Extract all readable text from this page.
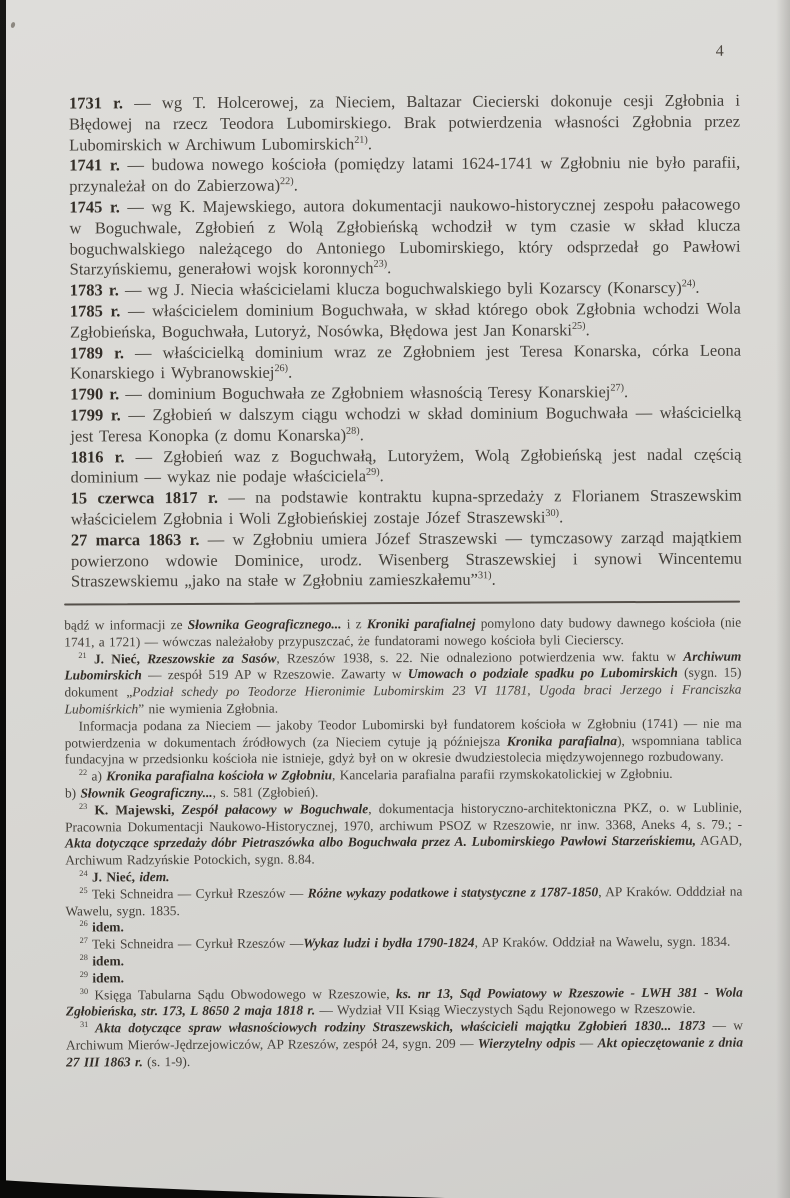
4

1731 r. — wg T. Holcerowej, za Nieciem, Baltazar Ciecierski dokonuje cesji Zgłobnia i Błędowej na rzecz Teodora Lubomirskiego. Brak potwierdzenia własności Zgłobnia przez Lubomirskich w Archiwum Lubomirskich$^{21)}$.

1741 r. — budowa nowego kościoła (pomiędzy latami 1624-1741 w Zgłobniu nie było parafii, przynależał on do Zabierzowa)$^{22)}$.

1745 r. — wg K. Majewskiego, autora dokumentacji naukowo-historycznej zespołu pałacowego w Boguchwale, Zgłobień z Wolą Zgłobieńską wchodził w tym czasie w skład klucza boguchwalskiego należącego do Antoniego Lubomirskiego, który odsprzedał go Pawłowi Starzyńskiemu, generałowi wojsk koronnych$^{23)}$.

1783 r. — wg J. Niecia właścicielami klucza boguchwalskiego byli Kozarscy (Konarscy)$^{24)}$.

1785 r. — właścicielem dominium Boguchwała, w skład którego obok Zgłobnia wchodzi Wola Zgłobieńska, Boguchwała, Lutoryż, Nosówka, Błędowa jest Jan Konarski$^{25)}$.

1789 r. — właścicielką dominium wraz ze Zgłobniem jest Teresa Konarska, córka Leona Konarskiego i Wybranowskiej$^{26)}$.

1790 r. — dominium Boguchwała ze Zgłobniem własnością Teresy Konarskiej$^{27)}$.

1799 r. — Zgłobień w dalszym ciągu wchodzi w skład dominium Boguchwała — właścicielką jest Teresa Konopka (z domu Konarska)$^{28)}$.

1816 r. — Zgłobień waz z Boguchwałą, Lutoryżem, Wolą Zgłobieńską jest nadal częścią dominium — wykaz nie podaje właściciela$^{29)}$.

15 czerwca 1817 r. — na podstawie kontraktu kupna-sprzedaży z Florianem Straszewskim właścicielem Zgłobnia i Woli Zgłobieńskiej zostaje Józef Straszewski$^{30)}$.

27 marca 1863 r. — w Zgłobniu umiera Józef Straszewski — tymczasowy zarząd majątkiem powierzono wdowie Dominice, urodz. Wisenberg Straszewskiej i synowi Wincentemu Straszewskiemu „jako na stałe w Zgłobniu zamieszkałemu”$^{31)}$.

bądź w informacji ze Słownika Geograficznego... i z Kroniki parafialnej pomylono daty budowy dawnego kościoła (nie 1741, a 1721) — wówczas należałoby przypuszczać, że fundatorami nowego kościoła byli Ciecierscy.

$^{21}$ J. Nieć, Rzeszowskie za Sasów, Rzeszów 1938, s. 22. Nie odnaleziono potwierdzenia ww. faktu w Archiwum Lubomirskich — zespół 519 AP w Rzeszowie. Zawarty w Umowach o podziale spadku po Lubomirskich (sygn. 15) dokument „Podział schedy po Teodorze Hieronimie Lubomirskim 23 VI 11781, Ugoda braci Jerzego i Franciszka Lubomiśrkich” nie wymienia Zgłobnia.

Informacja podana za Nieciem — jakoby Teodor Lubomirski był fundatorem kościoła w Zgłobniu (1741) — nie ma potwierdzenia w dokumentach źródłowych (za Nieciem cytuje ją późniejsza Kronika parafialna), wspomniana tablica fundacyjna w przedsionku kościoła nie istnieje, gdyż był on w okresie dwudziestolecia międzywojennego rozbudowany.

$^{22}$ a) Kronika parafialna kościoła w Zgłobniu, Kancelaria parafialna parafii rzymskokatolickiej w Zgłobniu.

b) Słownik Geograficzny..., s. 581 (Zgłobień).

$^{23}$ K. Majewski, Zespół pałacowy w Boguchwale, dokumentacja historyczno-architektoniczna PKZ, o. w Lublinie, Pracownia Dokumentacji Naukowo-Historycznej, 1970, archiwum PSOZ w Rzeszowie, nr inw. 3368, Aneks 4, s. 79.; - Akta dotyczące sprzedaży dóbr Pietraszówka albo Boguchwała przez A. Lubomirskiego Pawłowi Starzeńskiemu, AGAD, Archiwum Radzyńskie Potockich, sygn. 8.84.

$^{24}$ J. Nieć, idem.

$^{25}$ Teki Schneidra — Cyrkuł Rzeszów — Różne wykazy podatkowe i statystyczne z 1787-1850, AP Kraków. Odddział na Wawelu, sygn. 1835.

$^{26}$ idem.

$^{27}$ Teki Schneidra — Cyrkuł Rzeszów —Wykaz ludzi i bydła 1790-1824, AP Kraków. Oddział na Wawelu, sygn. 1834.

$^{28}$ idem.

$^{29}$ idem.

$^{30}$ Księga Tabularna Sądu Obwodowego w Rzeszowie, ks. nr 13, Sąd Powiatowy w Rzeszowie - LWH 381 - Wola Zgłobieńska, str. 173, L 8650 2 maja 1818 r. — Wydział VII Ksiąg Wieczystych Sądu Rejonowego w Rzeszowie.

$^{31}$ Akta dotyczące spraw własnościowych rodziny Straszewskich, właścicieli majątku Zgłobień 1830... 1873 — w Archiwum Mierów-Jędrzejowiczów, AP Rzeszów, zespół 24, sygn. 209 — Wierzytelny odpis — Akt opieczętowanie z dnia 27 III 1863 r. (s. 1-9).
